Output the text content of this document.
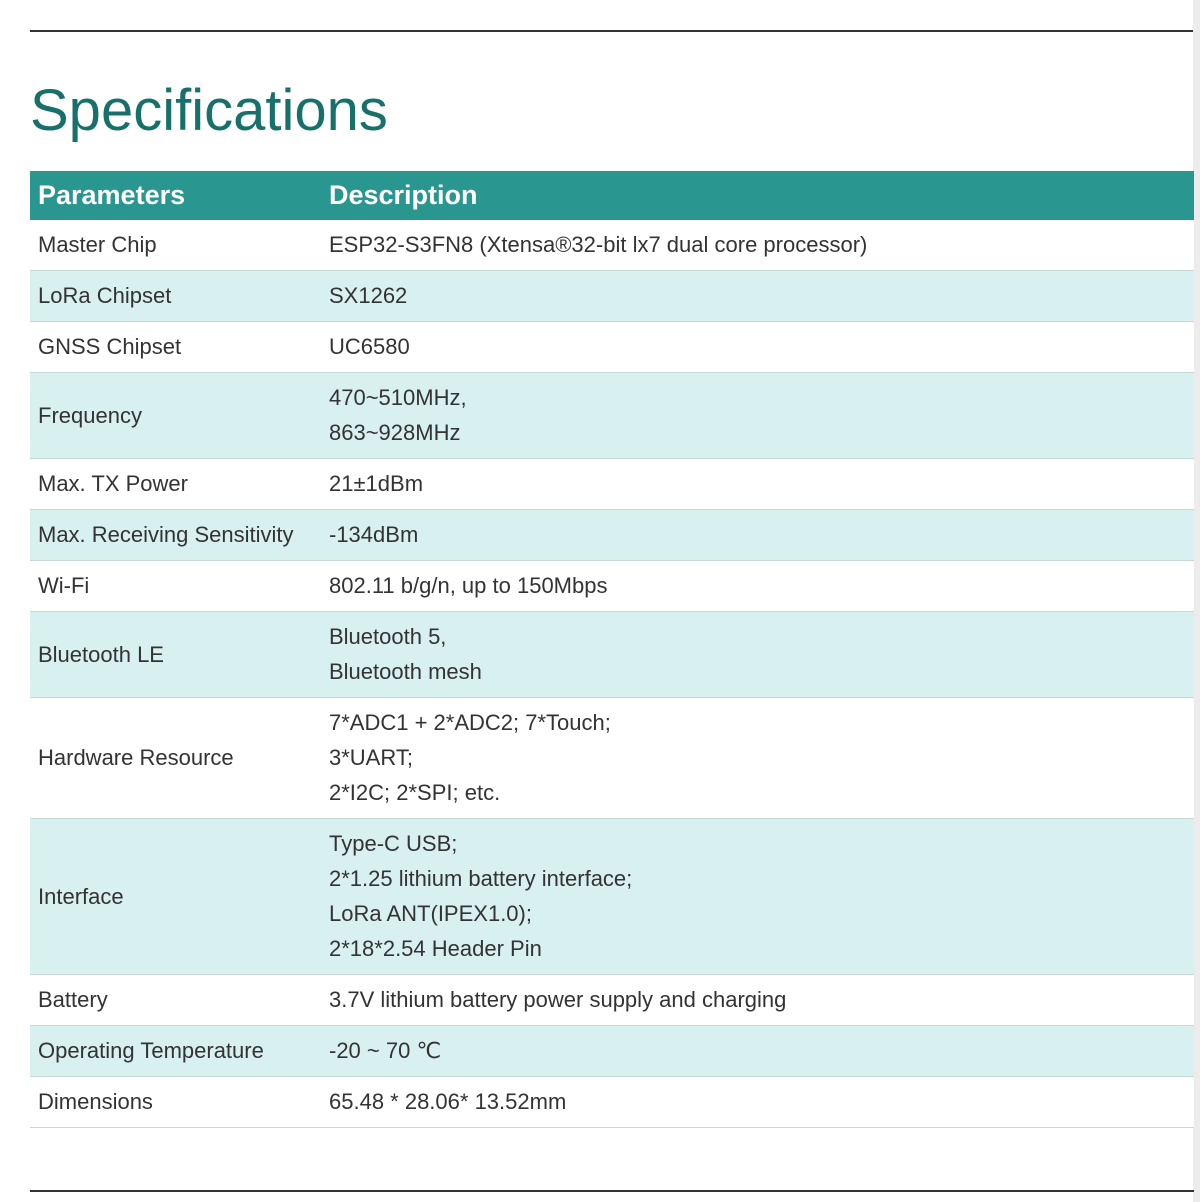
Specifications
Parameters	Description
Master Chip	ESP32-S3FN8 (Xtensa®32-bit lx7 dual core processor)

LoRa Chipset	SX1262

GNSS Chipset	UC6580

Frequency	470~510MHz,
863~928MHz

Max. TX Power	21±1dBm

Max. Receiving Sensitivity	-134dBm

Wi-Fi	802.11 b/g/n, up to 150Mbps

Bluetooth LE	Bluetooth 5,
Bluetooth mesh

Hardware Resource	7*ADC1 + 2*ADC2; 7*Touch;
3*UART;
2*I2C; 2*SPI; etc.

Interface	Type-C USB;
2*1.25 lithium battery interface;
LoRa ANT(IPEX1.0);
2*18*2.54 Header Pin

Battery	3.7V lithium battery power supply and charging

Operating Temperature	-20 ~ 70 ℃

Dimensions	65.48 * 28.06* 13.52mm
